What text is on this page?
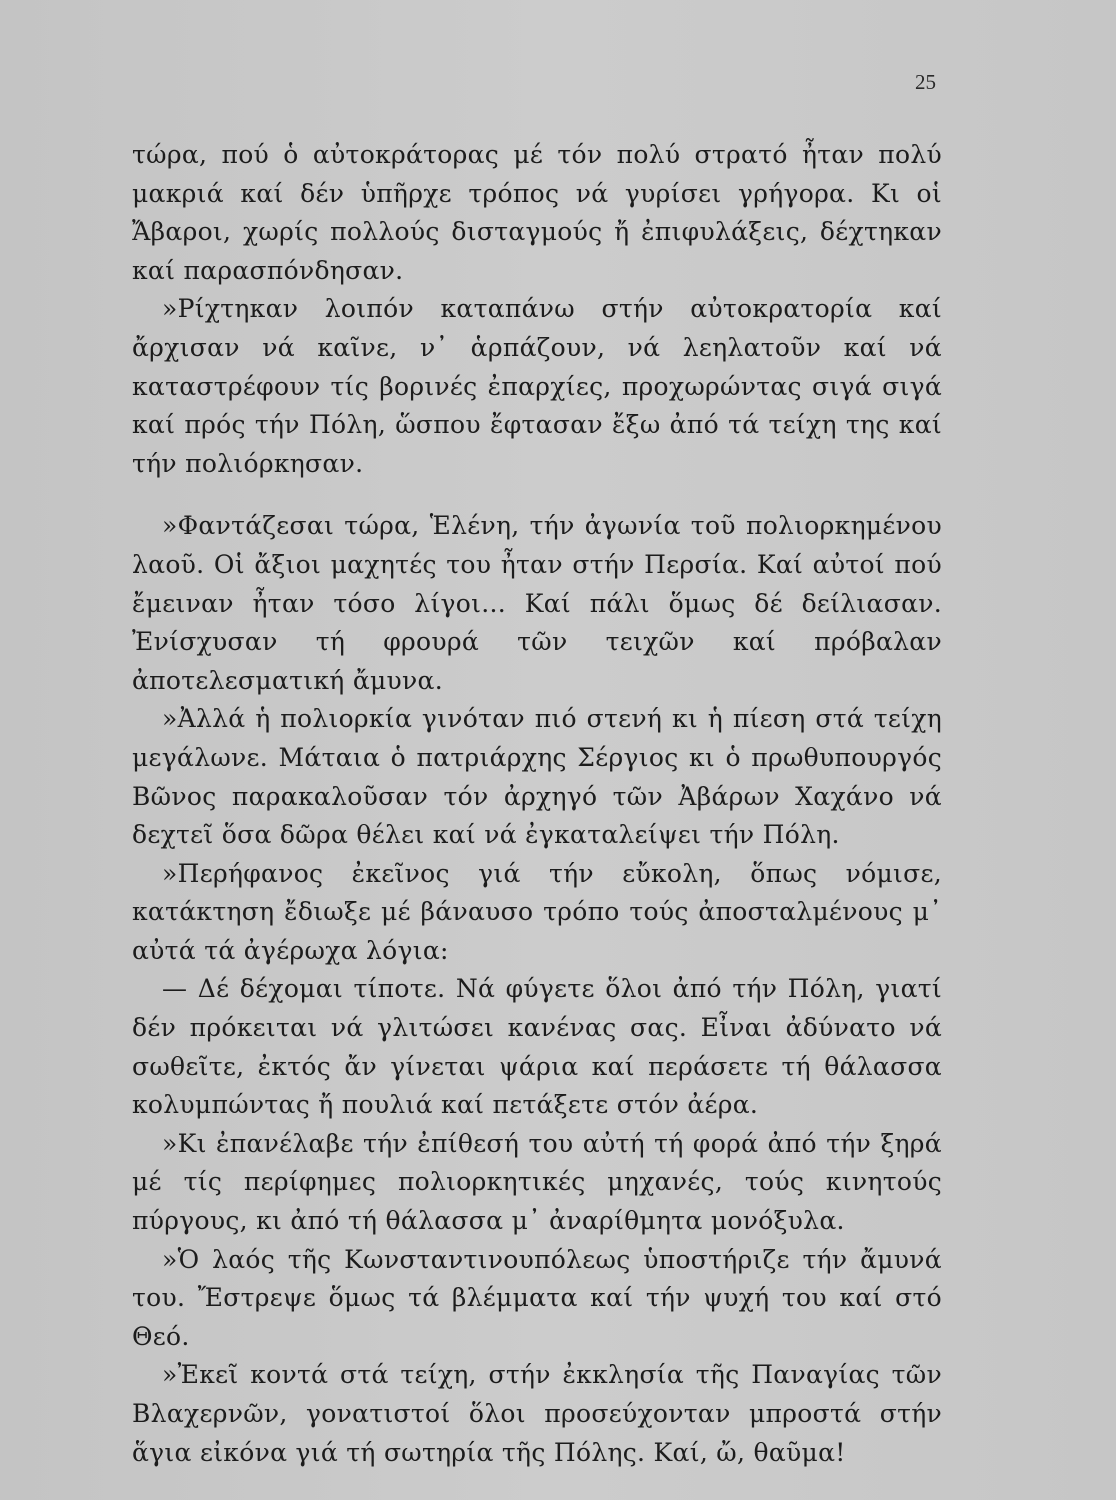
25

τώρα, πού ὁ αὐτοκράτορας μέ τόν πολύ στρατό ἦταν πολύ μακριά καί δέν ὑπῆρχε τρόπος νά γυρίσει γρήγορα. Κι οἱ Ἄβαροι, χωρίς πολλούς δισταγμούς ἤ ἐπιφυλάξεις, δέχτηκαν καί παρασπόνδησαν.

»Ρίχτηκαν λοιπόν καταπάνω στήν αὐτοκρατορία καί ἄρχισαν νά καῖνε, ν᾽ ἁρπάζουν, νά λεηλατοῦν καί νά καταστρέφουν τίς βορινές ἐπαρχίες, προχωρώντας σιγά σιγά καί πρός τήν Πόλη, ὥσπου ἔφτασαν ἔξω ἀπό τά τείχη της καί τήν πολιόρκησαν.

»Φαντάζεσαι τώρα, Ἑλένη, τήν ἀγωνία τοῦ πολιορκημένου λαοῦ. Οἱ ἄξιοι μαχητές του ἦταν στήν Περσία. Καί αὐτοί πού ἔμειναν ἦταν τόσο λίγοι... Καί πάλι ὅμως δέ δείλιασαν. Ἐνίσχυσαν τή φρουρά τῶν τειχῶν καί πρόβαλαν ἀποτελεσματική ἄμυνα.

»Ἀλλά ἡ πολιορκία γινόταν πιό στενή κι ἡ πίεση στά τείχη μεγάλωνε. Μάταια ὁ πατριάρχης Σέργιος κι ὁ πρωθυπουργός Βῶνος παρακαλοῦσαν τόν ἀρχηγό τῶν Ἀβάρων Χαχάνο νά δεχτεῖ ὅσα δῶρα θέλει καί νά ἐγκαταλείψει τήν Πόλη.

»Περήφανος ἐκεῖνος γιά τήν εὔκολη, ὅπως νόμισε, κατάκτηση ἔδιωξε μέ βάναυσο τρόπο τούς ἀποσταλμένους μ᾽ αὐτά τά ἀγέρωχα λόγια:

— Δέ δέχομαι τίποτε. Νά φύγετε ὅλοι ἀπό τήν Πόλη, γιατί δέν πρόκειται νά γλιτώσει κανένας σας. Εἶναι ἀδύνατο νά σωθεῖτε, ἐκτός ἄν γίνεται ψάρια καί περάσετε τή θάλασσα κολυμπώντας ἤ πουλιά καί πετάξετε στόν ἀέρα.

»Κι ἐπανέλαβε τήν ἐπίθεσή του αὐτή τή φορά ἀπό τήν ξηρά μέ τίς περίφημες πολιορκητικές μηχανές, τούς κινητούς πύργους, κι ἀπό τή θάλασσα μ᾽ ἀναρίθμητα μονόξυλα.

»Ὁ λαός τῆς Κωνσταντινουπόλεως ὑποστήριζε τήν ἄμυνά του. Ἔστρεψε ὅμως τά βλέμματα καί τήν ψυχή του καί στό Θεό.

»Ἐκεῖ κοντά στά τείχη, στήν ἐκκλησία τῆς Παναγίας τῶν Βλαχερνῶν, γονατιστοί ὅλοι προσεύχονταν μπροστά στήν ἅγια εἰκόνα γιά τή σωτηρία τῆς Πόλης. Καί, ὤ, θαῦμα!
